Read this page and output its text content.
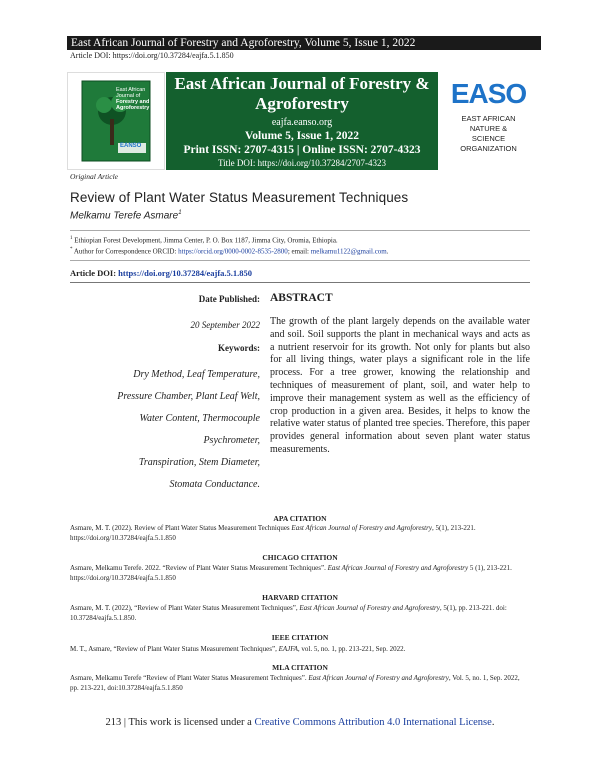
East African Journal of Forestry and Agroforestry, Volume 5, Issue 1, 2022
Article DOI: https://doi.org/10.37284/eajfa.5.1.850
East African Journal of
Forestry and Agroforestry
EANSO
East African Journal of Forestry &
Agroforestry
eajfa.eanso.org
Volume 5, Issue 1, 2022
Print ISSN: 2707-4315 | Online ISSN: 2707-4323
Title DOI: https://doi.org/10.37284/2707-4323
EASO
EAST AFRICAN
NATURE &
SCIENCE
ORGANIZATION
Original Article
Review of Plant Water Status Measurement Techniques
Melkamu Terefe Asmare$^1$
$^1$ Ethiopian Forest Development, Jimma Center, P. O. Box 1187, Jimma City, Oromia, Ethiopia.
* Author for Correspondence ORCID: https://orcid.org/0000-0002-8535-2800; email: melkamu1122@gmail.com.
Article DOI: https://doi.org/10.37284/eajfa.5.1.850
Date Published:
20 September 2022
Keywords:
Dry Method, Leaf Temperature,
Pressure Chamber, Plant Leaf Welt,
Water Content, Thermocouple
Psychrometer,
Transpiration, Stem Diameter,
Stomata Conductance.
ABSTRACT
The growth of the plant largely depends on the available water and soil. Soil supports the plant in mechanical ways and acts as a nutrient reservoir for its growth. Not only for plants but also for all living things, water plays a significant role in the life process. For a tree grower, knowing the relationship and techniques of measurement of plant, soil, and water help to improve their management system as well as the efficiency of crop production in a given area. Besides, it helps to know the relative water status of planted tree species. Therefore, this paper provides general information about seven plant water status measurements.
APA CITATION
Asmare, M. T. (2022). Review of Plant Water Status Measurement Techniques East African Journal of Forestry and Agroforestry, 5(1), 213-221. https://doi.org/10.37284/eajfa.5.1.850
CHICAGO CITATION
Asmare, Melkamu Terefe. 2022. “Review of Plant Water Status Measurement Techniques”. East African Journal of Forestry and Agroforestry 5 (1), 213-221. https://doi.org/10.37284/eajfa.5.1.850
HARVARD CITATION
Asmare, M. T. (2022), “Review of Plant Water Status Measurement Techniques”, East African Journal of Forestry and Agroforestry, 5(1), pp. 213-221. doi: 10.37284/eajfa.5.1.850.
IEEE CITATION
M. T., Asmare, “Review of Plant Water Status Measurement Techniques”, EAJFA, vol. 5, no. 1, pp. 213-221, Sep. 2022.
MLA CITATION
Asmare, Melkamu Terefe “Review of Plant Water Status Measurement Techniques”. East African Journal of Forestry and Agroforestry, Vol. 5, no. 1, Sep. 2022, pp. 213-221, doi:10.37284/eajfa.5.1.850
213 | This work is licensed under a Creative Commons Attribution 4.0 International License.
